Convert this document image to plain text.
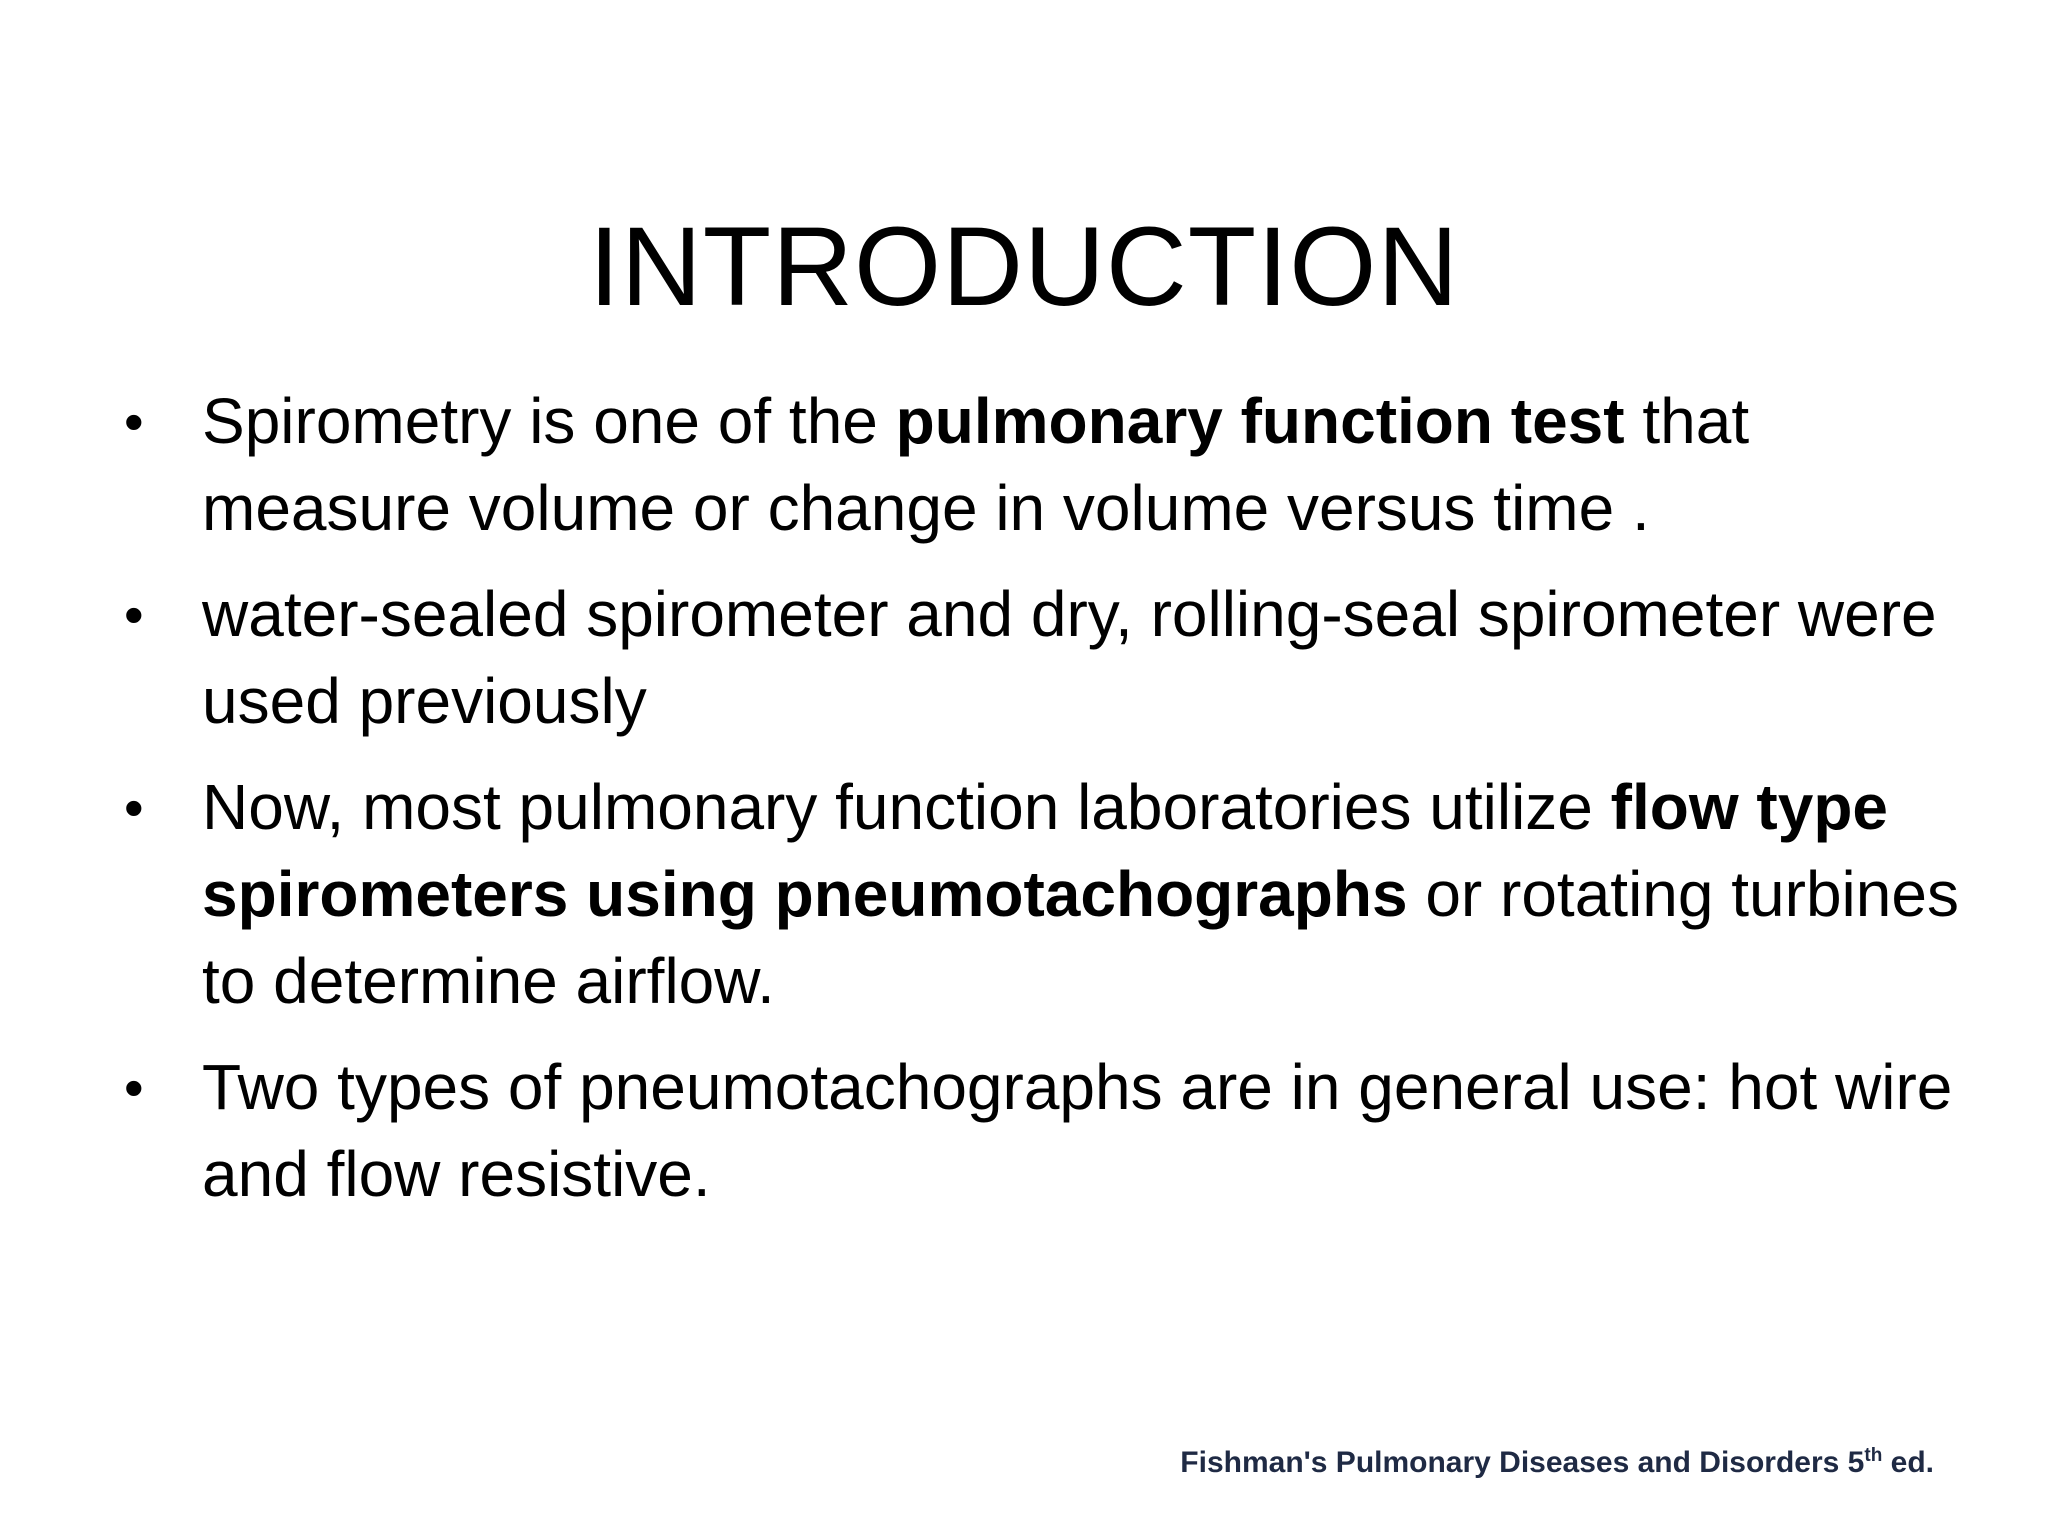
INTRODUCTION
• Spirometry is one of the pulmonary function test that measure volume or change in volume versus time .
• water-sealed spirometer and dry, rolling-seal spirometer were used previously
• Now, most pulmonary function laboratories utilize flow type spirometers using pneumotachographs or rotating turbines to determine airflow.
• Two types of pneumotachographs are in general use: hot wire and flow resistive.
Fishman's Pulmonary Diseases and Disorders 5th ed.
